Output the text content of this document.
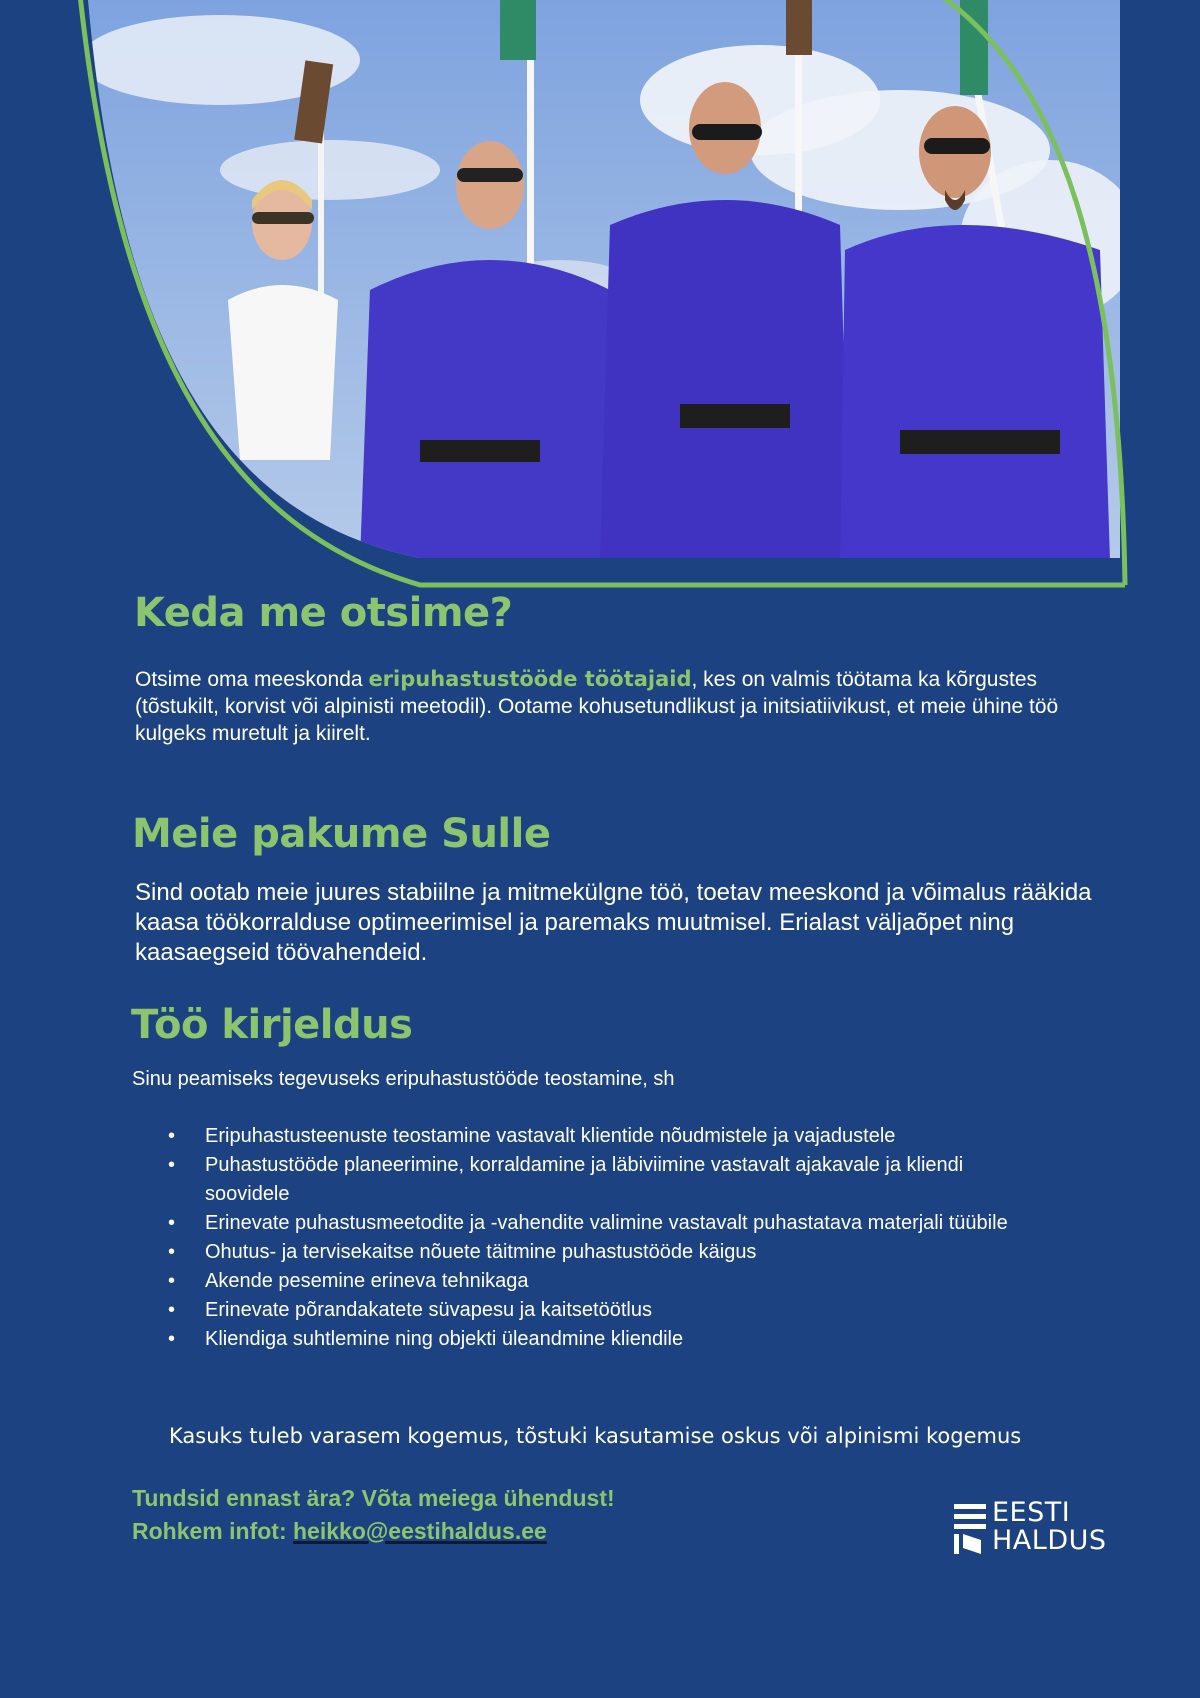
Keda me otsime?

Otsime oma meeskonda eripuhastustööde töötajaid, kes on valmis töötama ka kõrgustes (tõstukilt, korvist või alpinisti meetodil). Ootame kohusetundlikust ja initsiatiivikust, et meie ühine töö kulgeks muretult ja kiirelt.

Meie pakume Sulle

Sind ootab meie juures stabiilne ja mitmekülgne töö, toetav meeskond ja võimalus rääkida kaasa töökorralduse optimeerimisel ja paremaks muutmisel. Erialast väljaõpet ning kaasaegseid töövahendeid.

Töö kirjeldus

Sinu peamiseks tegevuseks eripuhastustööde teostamine, sh

• Eripuhastusteenuste teostamine vastavalt klientide nõudmistele ja vajadustele
• Puhastustööde planeerimine, korraldamine ja läbiviimine vastavalt ajakavale ja kliendi soovidele
• Erinevate puhastusmeetodite ja -vahendite valimine vastavalt puhastatava materjali tüübile
• Ohutus- ja tervisekaitse nõuete täitmine puhastustööde käigus
• Akende pesemine erineva tehnikaga
• Erinevate põrandakatete süvapesu ja kaitsetöötlus
• Kliendiga suhtlemine ning objekti üleandmine kliendile

Kasuks tuleb varasem kogemus, tõstuki kasutamise oskus või alpinismi kogemus

Tundsid ennast ära? Võta meiega ühendust!
Rohkem infot: heikko@eestihaldus.ee
EESTI
HALDUS
